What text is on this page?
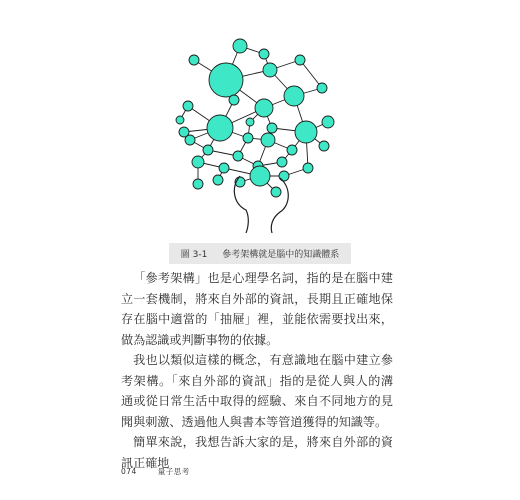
圖 3-1 參考架構就是腦中的知識體系

「參考架構」也是心理學名詞，指的是在腦中建立一套機制，將來自外部的資訊，長期且正確地保存在腦中適當的「抽屜」裡，並能依需要找出來，做為認識或判斷事物的依據。

我也以類似這樣的概念，有意識地在腦中建立參考架構。「來自外部的資訊」指的是從人與人的溝通或從日常生活中取得的經驗、來自不同地方的見聞與刺激、透過他人與書本等管道獲得的知識等。

簡單來說，我想告訴大家的是，將來自外部的資訊正確地

074	量子思考
